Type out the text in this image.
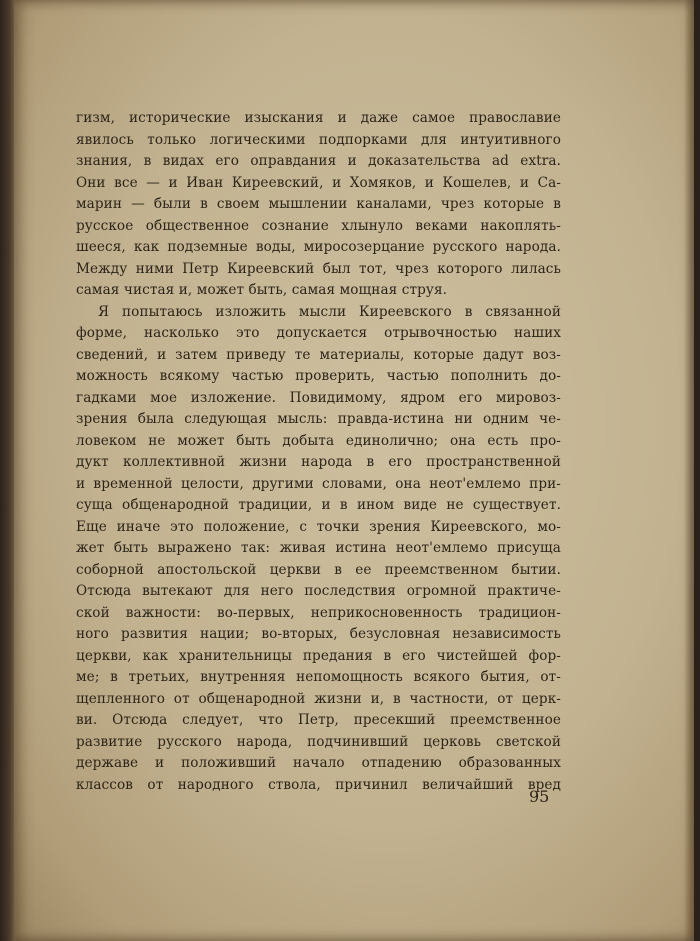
гизм, исторические изыскания и даже самое православие
явилось только логическими подпорками для интуитивного
знания, в видах его оправдания и доказательства ad extra.
Они все — и Иван Киреевский, и Хомяков, и Кошелев, и Са-
марин — были в своем мышлении каналами, чрез которые в
русское общественное сознание хлынуло веками накоплять-
шееся, как подземные воды, миросозерцание русского народа.
Между ними Петр Киреевский был тот, чрез которого лилась
самая чистая и, может быть, самая мощная струя.
Я попытаюсь изложить мысли Киреевского в связанной
форме, насколько это допускается отрывочностью наших
сведений, и затем приведу те материалы, которые дадут воз-
можность всякому частью проверить, частью пополнить до-
гадками мое изложение. Повидимому, ядром его мировоз-
зрения была следующая мысль: правда-истина ни одним че-
ловеком не может быть добыта единолично; она есть про-
дукт коллективной жизни народа в его пространственной
и временной целости, другими словами, она неот'емлемо при-
суща общенародной традиции, и в ином виде не существует.
Еще иначе это положение, с точки зрения Киреевского, мо-
жет быть выражено так: живая истина неот'емлемо присуща
соборной апостольской церкви в ее преемственном бытии.
Отсюда вытекают для него последствия огромной практиче-
ской важности: во-первых, неприкосновенность традицион-
ного развития нации; во-вторых, безусловная независимость
церкви, как хранительницы предания в его чистейшей фор-
ме; в третьих, внутренняя непомощность всякого бытия, от-
щепленного от общенародной жизни и, в частности, от церк-
ви. Отсюда следует, что Петр, пресекший преемственное
развитие русского народа, подчинивший церковь светской
державе и положивший начало отпадению образованных
классов от народного ствола, причинил величайший вред
95
